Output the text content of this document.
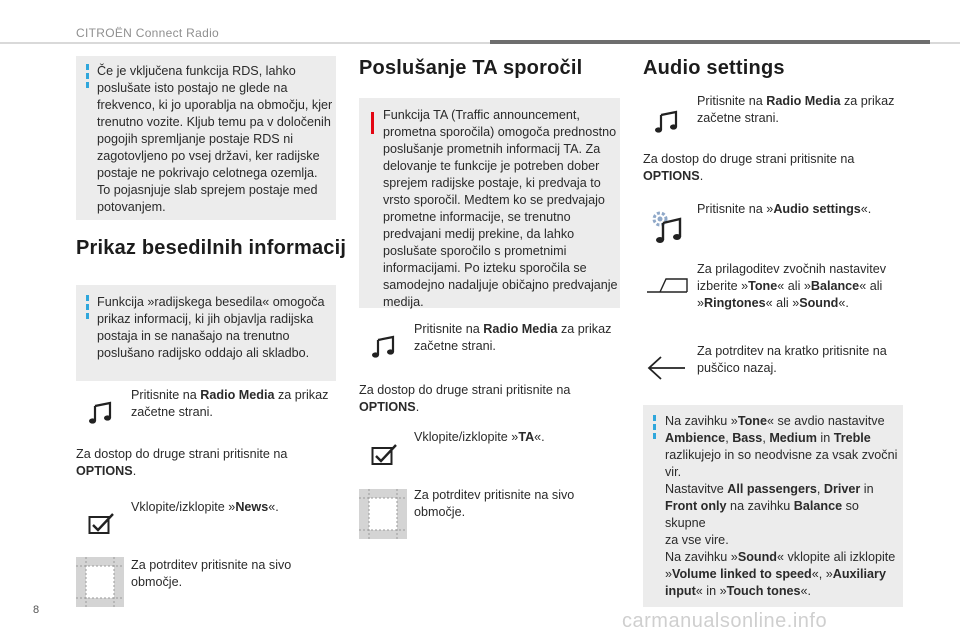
CITROËN Connect Radio
Če je vključena funkcija RDS, lahko
poslušate isto postajo ne glede na
frekvenco, ki jo uporablja na območju, kjer
trenutno vozite. Kljub temu pa v določenih
pogojih spremljanje postaje RDS ni
zagotovljeno po vsej državi, ker radijske
postaje ne pokrivajo celotnega ozemlja.
To pojasnjuje slab sprejem postaje med
potovanjem.
Prikaz besedilnih informacij
Funkcija »radijskega besedila« omogoča
prikaz informacij, ki jih objavlja radijska
postaja in se nanašajo na trenutno
poslušano radijsko oddajo ali skladbo.
Pritisnite na Radio Media za prikaz
začetne strani.
Za dostop do druge strani pritisnite na
OPTIONS.
Vklopite/izklopite »News«.
Za potrditev pritisnite na sivo
območje.
Poslušanje TA sporočil
Funkcija TA (Traffic announcement,
prometna sporočila) omogoča prednostno
poslušanje prometnih informacij TA. Za
delovanje te funkcije je potreben dober
sprejem radijske postaje, ki predvaja to
vrsto sporočil. Medtem ko se predvajajo
prometne informacije, se trenutno
predvajani medij prekine, da lahko
poslušate sporočilo s prometnimi
informacijami. Po izteku sporočila se
samodejno nadaljuje običajno predvajanje
medija.
Pritisnite na Radio Media za prikaz
začetne strani.
Za dostop do druge strani pritisnite na
OPTIONS.
Vklopite/izklopite »TA«.
Za potrditev pritisnite na sivo
območje.
Audio settings
Pritisnite na Radio Media za prikaz
začetne strani.
Za dostop do druge strani pritisnite na
OPTIONS.
Pritisnite na »Audio settings«.
Za prilagoditev zvočnih nastavitev
izberite »Tone« ali »Balance« ali
»Ringtones« ali »Sound«.
Za potrditev na kratko pritisnite na
puščico nazaj.
Na zavihku »Tone« se avdio nastavitve
Ambience, Bass, Medium in Treble
razlikujejo in so neodvisne za vsak zvočni
vir.
Nastavitve All passengers, Driver in
Front only na zavihku Balance so skupne
za vse vire.
Na zavihku »Sound« vklopite ali izklopite
»Volume linked to speed«, »Auxiliary
input« in »Touch tones«.
8	carmanualsonline.info
